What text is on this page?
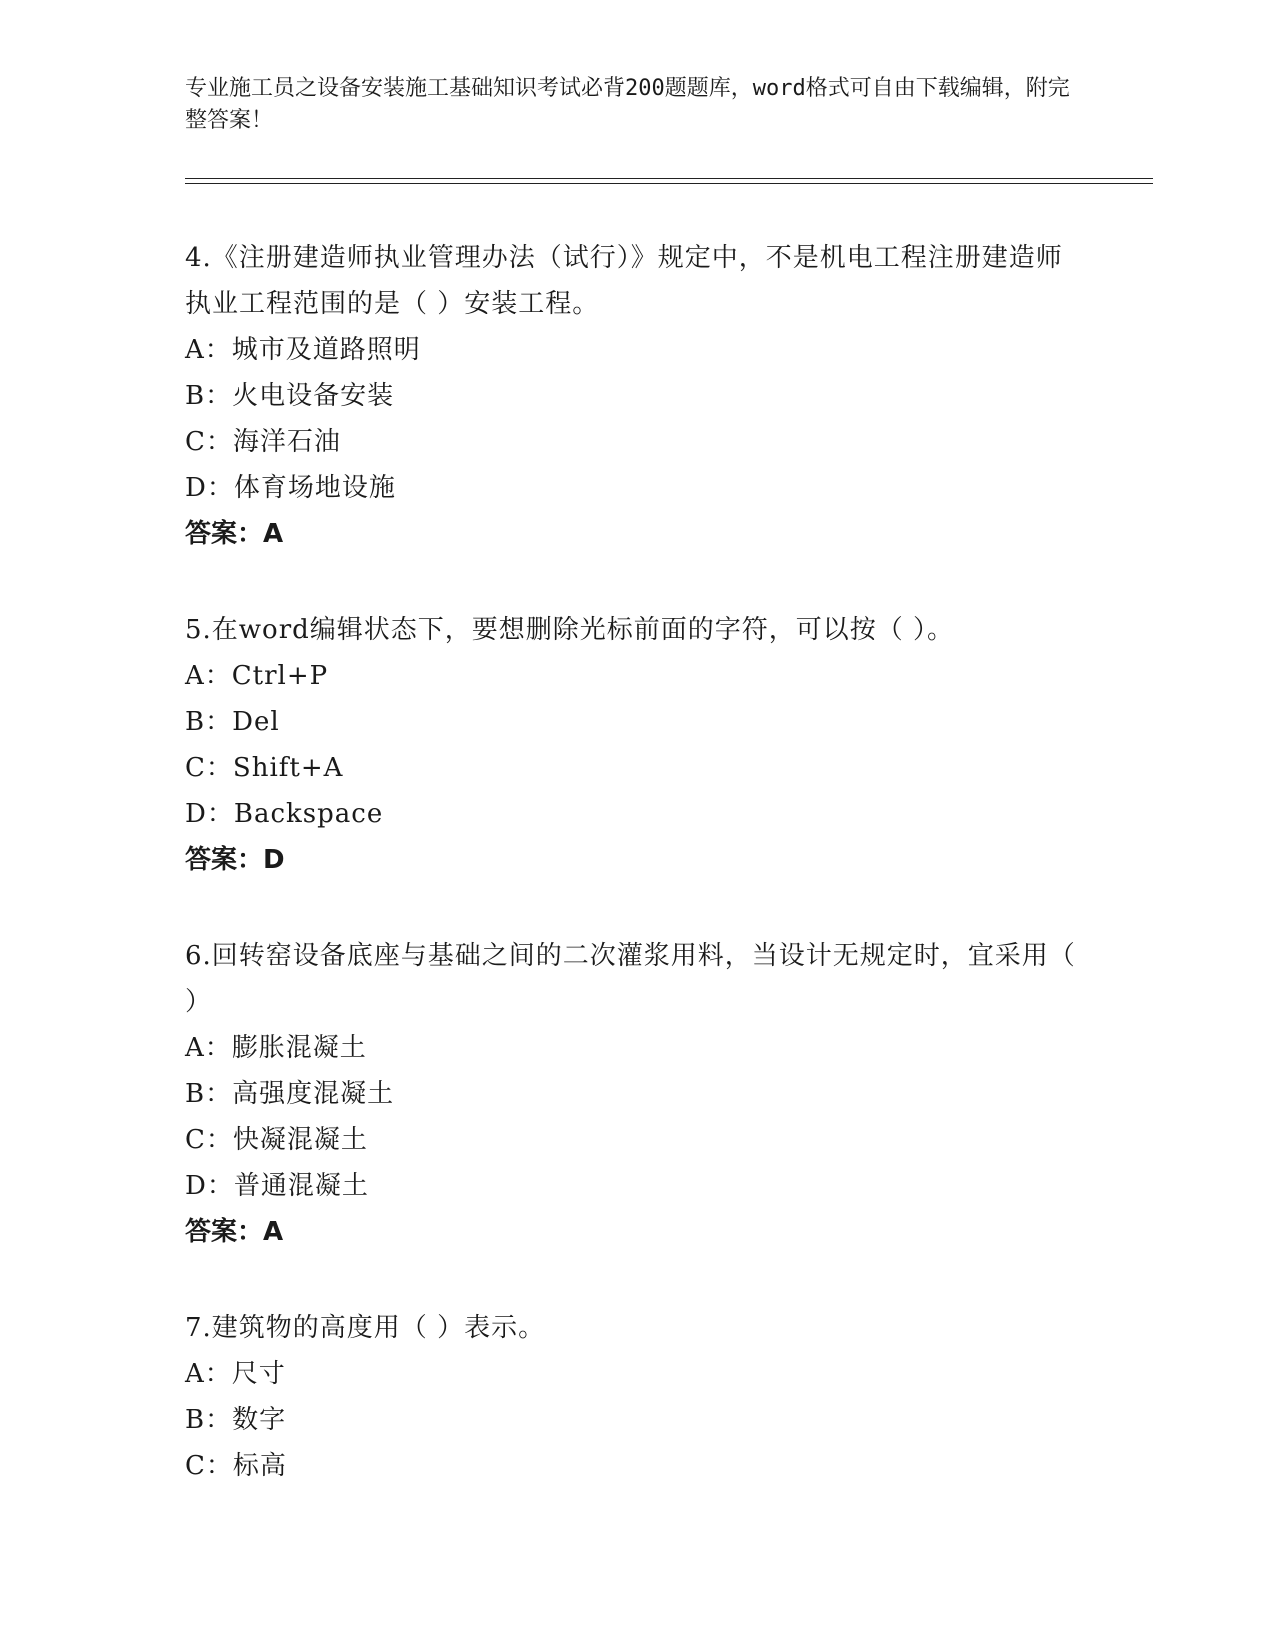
专业施工员之设备安装施工基础知识考试必背200题题库，word格式可自由下载编辑，附完整答案！
4.《注册建造师执业管理办法（试行）》规定中，不是机电工程注册建造师执业工程范围的是（ ）安装工程。
A：城市及道路照明
B：火电设备安装
C：海洋石油
D：体育场地设施
答案：A
5.在word编辑状态下，要想删除光标前面的字符，可以按（ ）。
A：Ctrl+P
B：Del
C：Shift+A
D：Backspace
答案：D
6.回转窑设备底座与基础之间的二次灌浆用料，当设计无规定时，宜采用（ ）
A：膨胀混凝土
B：高强度混凝土
C：快凝混凝土
D：普通混凝土
答案：A
7.建筑物的高度用（ ）表示。
A：尺寸
B：数字
C：标高
